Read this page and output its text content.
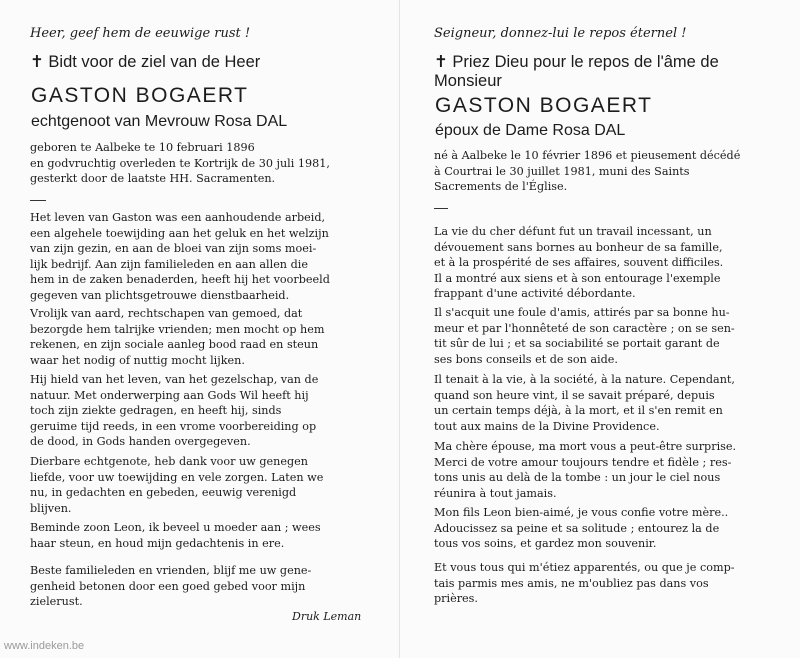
Heer, geef hem de eeuwige rust !
✝ Bidt voor de ziel van de Heer
GASTON BOGAERT
echtgenoot van Mevrouw Rosa DAL
geboren te Aalbeke te 10 februari 1896
en godvruchtig overleden te Kortrijk de 30 juli 1981,
gesterkt door de laatste HH. Sacramenten.
Het leven van Gaston was een aanhoudende arbeid,
een algehele toewijding aan het geluk en het welzijn
van zijn gezin, en aan de bloei van zijn soms moei-
lijk bedrijf. Aan zijn familieleden en aan allen die
hem in de zaken benaderden, heeft hij het voorbeeld
gegeven van plichtsgetrouwe dienstbaarheid.
Vrolijk van aard, rechtschapen van gemoed, dat
bezorgde hem talrijke vrienden; men mocht op hem
rekenen, en zijn sociale aanleg bood raad en steun
waar het nodig of nuttig mocht lijken.
Hij hield van het leven, van het gezelschap, van de
natuur. Met onderwerping aan Gods Wil heeft hij
toch zijn ziekte gedragen, en heeft hij, sinds
geruime tijd reeds, in een vrome voorbereiding op
de dood, in Gods handen overgegeven.
Dierbare echtgenote, heb dank voor uw genegen
liefde, voor uw toewijding en vele zorgen. Laten we
nu, in gedachten en gebeden, eeuwig verenigd
blijven.
Beminde zoon Leon, ik beveel u moeder aan ; wees
haar steun, en houd mijn gedachtenis in ere.
Beste familieleden en vrienden, blijf me uw gene-
genheid betonen door een goed gebed voor mijn
zielerust.
Druk Leman
www.indeken.be
Seigneur, donnez-lui le repos éternel !
✝ Priez Dieu pour le repos de l'âme de
Monsieur
GASTON BOGAERT
époux de Dame Rosa DAL
né à Aalbeke le 10 février 1896 et pieusement décédé
à Courtrai le 30 juillet 1981, muni des Saints
Sacrements de l'Église.
La vie du cher défunt fut un travail incessant, un
dévouement sans bornes au bonheur de sa famille,
et à la prospérité de ses affaires, souvent difficiles.
Il a montré aux siens et à son entourage l'exemple
frappant d'une activité débordante.
Il s'acquit une foule d'amis, attirés par sa bonne hu-
meur et par l'honnêteté de son caractère ; on se sen-
tit sûr de lui ; et sa sociabilité se portait garant de
ses bons conseils et de son aide.
Il tenait à la vie, à la société, à la nature. Cependant,
quand son heure vint, il se savait préparé, depuis
un certain temps déjà, à la mort, et il s'en remit en
tout aux mains de la Divine Providence.
Ma chère épouse, ma mort vous a peut-être surprise.
Merci de votre amour toujours tendre et fidèle ; res-
tons unis au delà de la tombe : un jour le ciel nous
réunira à tout jamais.
Mon fils Leon bien-aimé, je vous confie votre mère..
Adoucissez sa peine et sa solitude ; entourez la de
tous vos soins, et gardez mon souvenir.
Et vous tous qui m'étiez apparentés, ou que je comp-
tais parmis mes amis, ne m'oubliez pas dans vos
prières.
